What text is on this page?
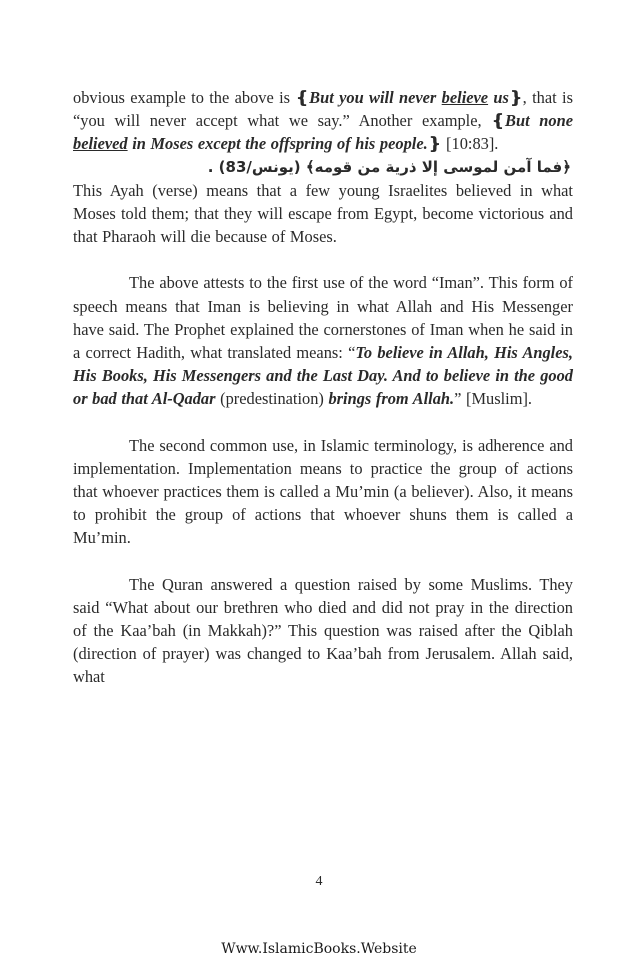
obvious example to the above is ❴But you will never believe us❵, that is “you will never accept what we say.” Another example, ❴But none believed in Moses except the offspring of his people.❵ [10:83].

﴿فما آمن لموسى إلا ذرية من قومه﴾ (يونس/83) .

This Ayah (verse) means that a few young Israelites believed in what Moses told them; that they will escape from Egypt, become victorious and that Pharaoh will die because of Moses.

The above attests to the first use of the word “Iman”. This form of speech means that Iman is believing in what Allah and His Messenger have said. The Prophet explained the cornerstones of Iman when he said in a correct Hadith, what translated means: “To believe in Allah, His Angles, His Books, His Messengers and the Last Day. And to believe in the good or bad that Al-Qadar (predestination) brings from Allah.” [Muslim].

The second common use, in Islamic terminology, is adherence and implementation. Implementation means to practice the group of actions that whoever practices them is called a Mu’min (a believer). Also, it means to prohibit the group of actions that whoever shuns them is called a Mu’min.

The Quran answered a question raised by some Muslims. They said “What about our brethren who died and did not pray in the direction of the Kaa’bah (in Makkah)?” This question was raised after the Qiblah (direction of prayer) was changed to Kaa’bah from Jerusalem. Allah said, what

4
Www.IslamicBooks.Website
